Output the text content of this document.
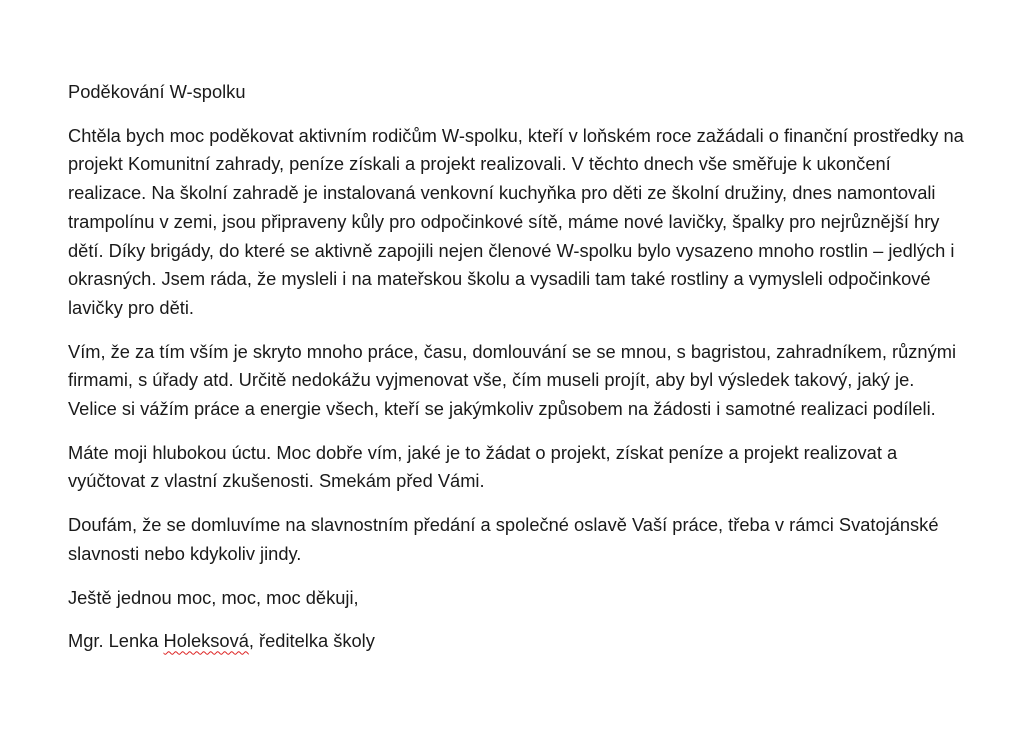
Poděkování W-spolku

Chtěla bych moc poděkovat aktivním rodičům W-spolku, kteří v loňském roce zažádali o finanční prostředky na projekt Komunitní zahrady, peníze získali a projekt realizovali. V těchto dnech vše směřuje k ukončení realizace. Na školní zahradě je instalovaná venkovní kuchyňka pro děti ze školní družiny, dnes namontovali trampolínu v zemi, jsou připraveny kůly pro odpočinkové sítě, máme nové lavičky, špalky pro nejrůznější hry dětí. Díky brigády, do které se aktivně zapojili nejen členové W-spolku bylo vysazeno mnoho rostlin – jedlých i okrasných. Jsem ráda, že mysleli i na mateřskou školu a vysadili tam také rostliny a vymysleli odpočinkové lavičky pro děti.

Vím, že za tím vším je skryto mnoho práce, času, domlouvání se se mnou, s bagristou, zahradníkem, různými firmami, s úřady atd. Určitě nedokážu vyjmenovat vše, čím museli projít, aby byl výsledek takový, jaký je. Velice si vážím práce a energie všech, kteří se jakýmkoliv způsobem na žádosti i samotné realizaci podíleli.

Máte moji hlubokou úctu. Moc dobře vím, jaké je to žádat o projekt, získat peníze a projekt realizovat a vyúčtovat z vlastní zkušenosti. Smekám před Vámi.

Doufám, že se domluvíme na slavnostním předání a společné oslavě Vaší práce, třeba v rámci Svatojánské slavnosti nebo kdykoliv jindy.

Ještě jednou moc, moc, moc děkuji,

Mgr. Lenka Holeksová, ředitelka školy
